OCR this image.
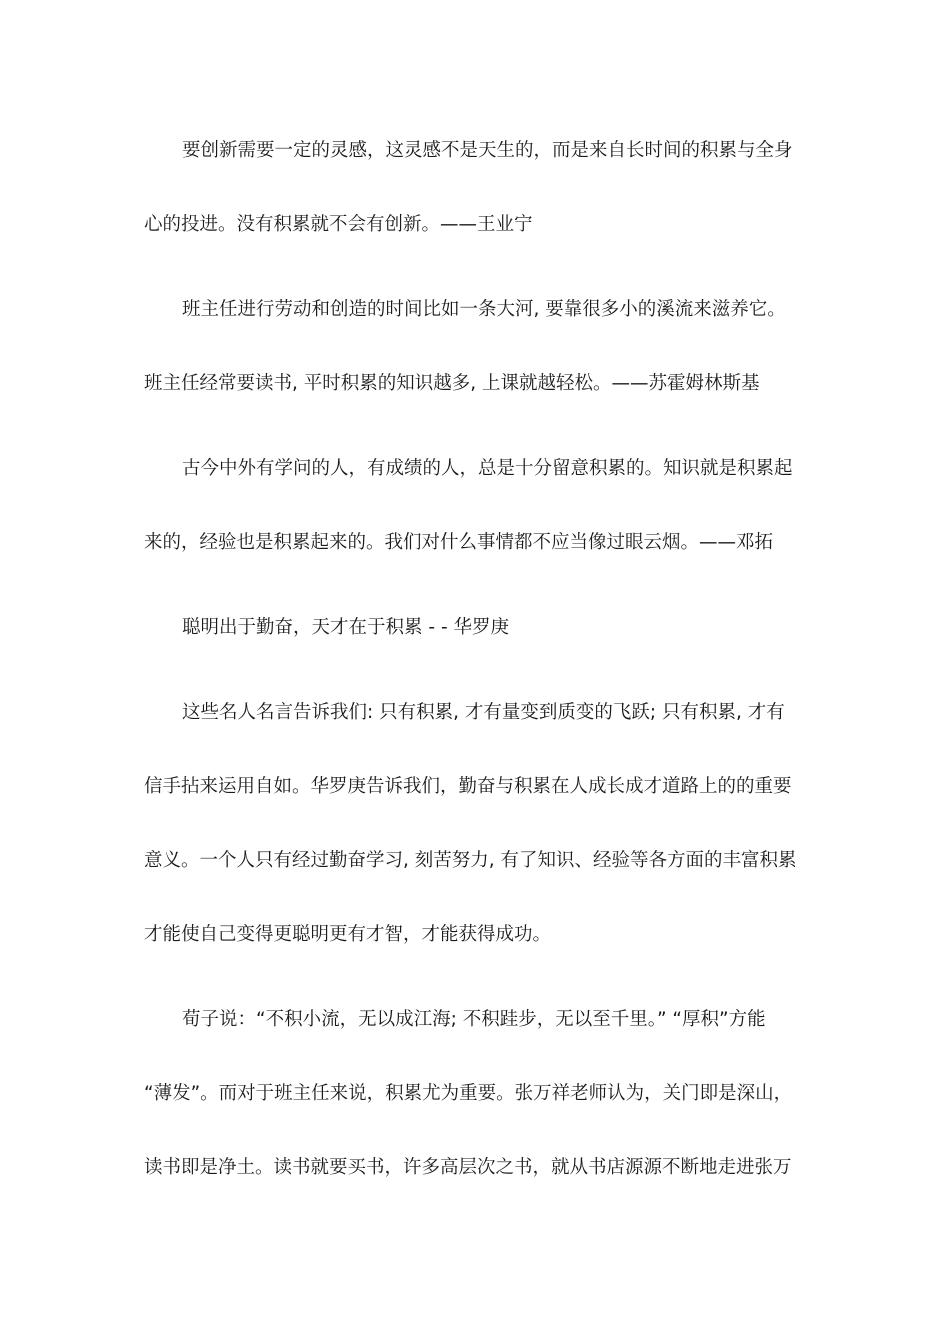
要创新需要一定的灵感，这灵感不是天生的，而是来自长时间的积累与全身
心的投进。没有积累就不会有创新。——王业宁
班主任进行劳动和创造的时间比如一条大河, 要靠很多小的溪流来滋养它。
班主任经常要读书, 平时积累的知识越多, 上课就越轻松。——苏霍姆林斯基
古今中外有学问的人，有成绩的人，总是十分留意积累的。知识就是积累起
来的，经验也是积累起来的。我们对什么事情都不应当像过眼云烟。——邓拓
聪明出于勤奋，天才在于积累 - - 华罗庚
这些名人名言告诉我们: 只有积累, 才有量变到质变的飞跃; 只有积累, 才有
信手拈来运用自如。华罗庚告诉我们，勤奋与积累在人成长成才道路上的的重要
意义。一个人只有经过勤奋学习, 刻苦努力, 有了知识、经验等各方面的丰富积累
才能使自己变得更聪明更有才智，才能获得成功。
荀子说：“不积小流，无以成江海; 不积跬步，无以至千里。” “厚积”方能
“薄发”。而对于班主任来说，积累尤为重要。张万祥老师认为，关门即是深山，
读书即是净土。读书就要买书，许多高层次之书，就从书店源源不断地走进张万
